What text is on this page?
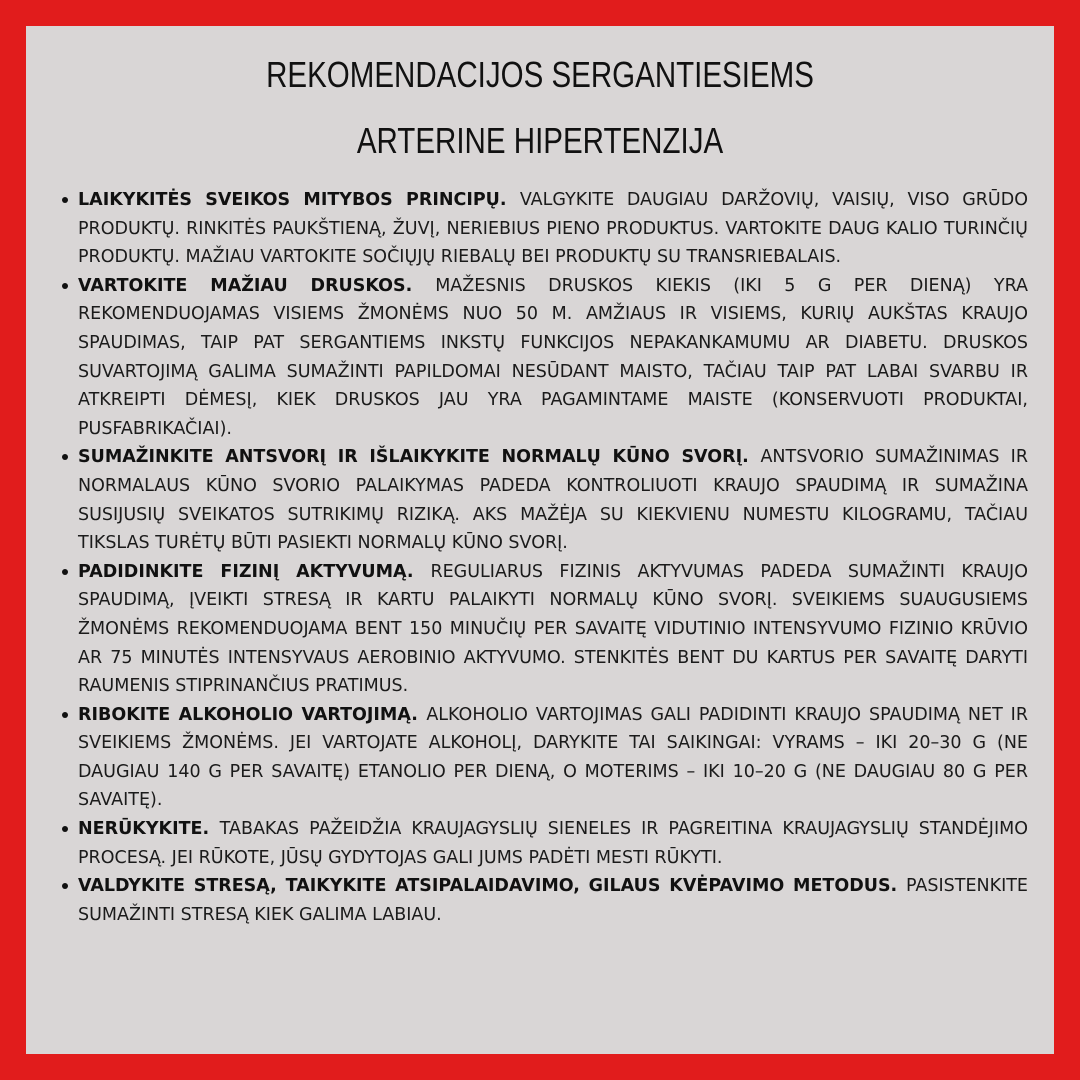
REKOMENDACIJOS SERGANTIESIEMS
ARTERINE HIPERTENZIJA
LAIKYKITĖS SVEIKOS MITYBOS PRINCIPŲ. VALGYKITE DAUGIAU DARŽOVIŲ, VAISIŲ, VISO GRŪDO PRODUKTŲ. RINKITĖS PAUKŠTIENĄ, ŽUVĮ, NERIEBIUS PIENO PRODUKTUS. VARTOKITE DAUG KALIO TURINČIŲ PRODUKTŲ. MAŽIAU VARTOKITE SOČIŲJŲ RIEBALŲ BEI PRODUKTŲ SU TRANSRIEBALAIS.
VARTOKITE MAŽIAU DRUSKOS. MAŽESNIS DRUSKOS KIEKIS (IKI 5 G PER DIENĄ) YRA REKOMENDUOJAMAS VISIEMS ŽMONĖMS NUO 50 M. AMŽIAUS IR VISIEMS, KURIŲ AUKŠTAS KRAUJO SPAUDIMAS, TAIP PAT SERGANTIEMS INKSTŲ FUNKCIJOS NEPAKANKAMUMU AR DIABETU. DRUSKOS SUVARTOJIMĄ GALIMA SUMAŽINTI PAPILDOMAI NESŪDANT MAISTO, TAČIAU TAIP PAT LABAI SVARBU IR ATKREIPTI DĖMESĮ, KIEK DRUSKOS JAU YRA PAGAMINTAME MAISTE (KONSERVUOTI PRODUKTAI, PUSFABRIKAČIAI).
SUMAŽINKITE ANTSVORĮ IR IŠLAIKYKITE NORMALŲ KŪNO SVORĮ. ANTSVORIO SUMAŽINIMAS IR NORMALAUS KŪNO SVORIO PALAIKYMAS PADEDA KONTROLIUOTI KRAUJO SPAUDIMĄ IR SUMAŽINA SUSIJUSIŲ SVEIKATOS SUTRIKIMŲ RIZIKĄ. AKS MAŽĖJA SU KIEKVIENU NUMESTU KILOGRAMU, TAČIAU TIKSLAS TURĖTŲ BŪTI PASIEKTI NORMALŲ KŪNO SVORĮ.
PADIDINKITE FIZINĮ AKTYVUMĄ. REGULIARUS FIZINIS AKTYVUMAS PADEDA SUMAŽINTI KRAUJO SPAUDIMĄ, ĮVEIKTI STRESĄ IR KARTU PALAIKYTI NORMALŲ KŪNO SVORĮ. SVEIKIEMS SUAUGUSIEMS ŽMONĖMS REKOMENDUOJAMA BENT 150 MINUČIŲ PER SAVAITĘ VIDUTINIO INTENSYVUMO FIZINIO KRŪVIO AR 75 MINUTĖS INTENSYVAUS AEROBINIO AKTYVUMO. STENKITĖS BENT DU KARTUS PER SAVAITĘ DARYTI RAUMENIS STIPRINANČIUS PRATIMUS.
RIBOKITE ALKOHOLIO VARTOJIMĄ. ALKOHOLIO VARTOJIMAS GALI PADIDINTI KRAUJO SPAUDIMĄ NET IR SVEIKIEMS ŽMONĖMS. JEI VARTOJATE ALKOHOLĮ, DARYKITE TAI SAIKINGAI: VYRAMS – IKI 20–30 G (NE DAUGIAU 140 G PER SAVAITĘ) ETANOLIO PER DIENĄ, O MOTERIMS – IKI 10–20 G (NE DAUGIAU 80 G PER SAVAITĘ).
NERŪKYKITE. TABAKAS PAŽEIDŽIA KRAUJAGYSLIŲ SIENELES IR PAGREITINA KRAUJAGYSLIŲ STANDĖJIMO PROCESĄ. JEI RŪKOTE, JŪSŲ GYDYTOJAS GALI JUMS PADĖTI MESTI RŪKYTI.
VALDYKITE STRESĄ, TAIKYKITE ATSIPALAIDAVIMO, GILAUS KVĖPAVIMO METODUS. PASISTENKITE SUMAŽINTI STRESĄ KIEK GALIMA LABIAU.
